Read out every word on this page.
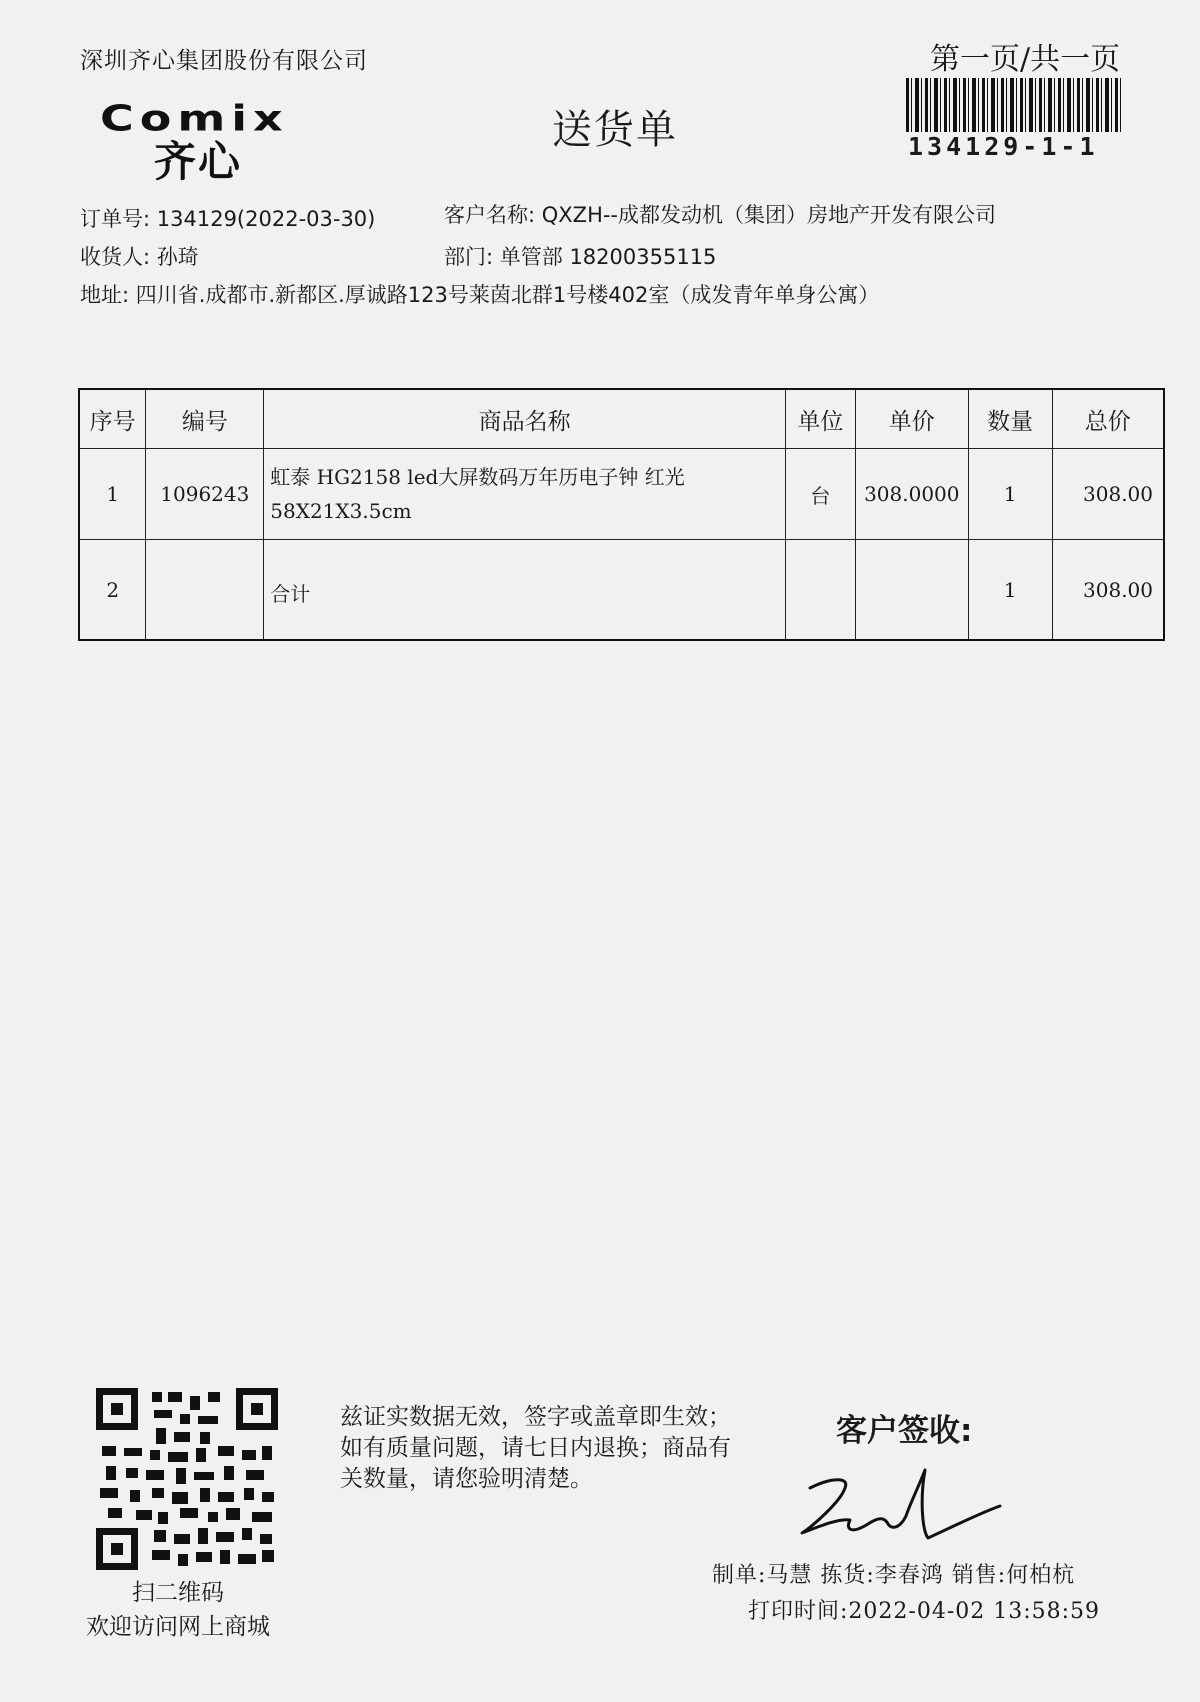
深圳齐心集团股份有限公司	第一页/共一页
134129-1-1
Comix
齐心
送货单
订单号: 134129(2022-03-30)	客户名称: QXZH--成都发动机（集团）房地产开发有限公司
收货人: 孙琦	部门: 单管部 18200355115
地址: 四川省.成都市.新都区.厚诚路123号莱茵北群1号楼402室（成发青年单身公寓）
序号	编号	商品名称	单位	单价	数量	总价
1	1096243	虹泰 HG2158 led大屏数码万年历电子钟 红光 58X21X3.5cm	台	308.0000	1	308.00
2		合计			1	308.00
扫二维码
欢迎访问网上商城
兹证实数据无效，签字或盖章即生效；如有质量问题，请七日内退换；商品有关数量，请您验明清楚。
客户签收:
制单:马慧 拣货:李春鸿 销售:何柏杭
打印时间:2022-04-02 13:58:59
